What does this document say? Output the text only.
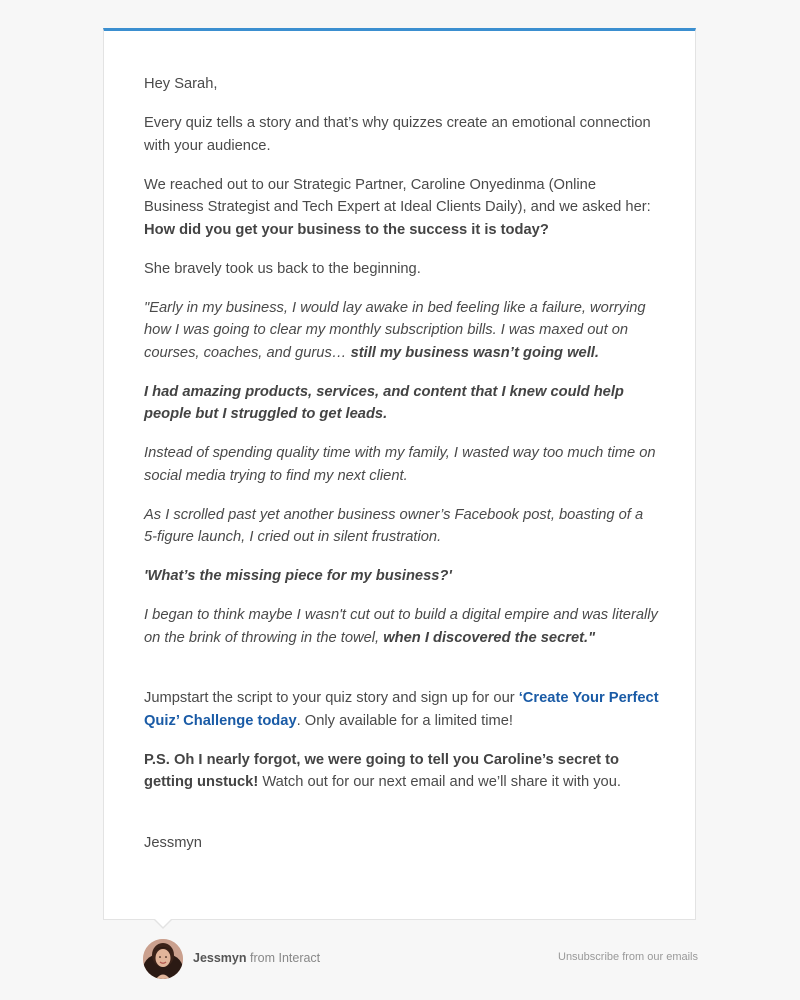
Hey Sarah,

Every quiz tells a story and that’s why quizzes create an emotional connection with your audience.

We reached out to our Strategic Partner, Caroline Onyedinma (Online Business Strategist and Tech Expert at Ideal Clients Daily), and we asked her: How did you get your business to the success it is today?

She bravely took us back to the beginning.

"Early in my business, I would lay awake in bed feeling like a failure, worrying how I was going to clear my monthly subscription bills. I was maxed out on courses, coaches, and gurus… still my business wasn’t going well.

I had amazing products, services, and content that I knew could help people but I struggled to get leads.

Instead of spending quality time with my family, I wasted way too much time on social media trying to find my next client.

As I scrolled past yet another business owner’s Facebook post, boasting of a 5-figure launch, I cried out in silent frustration.

'What’s the missing piece for my business?'

I began to think maybe I wasn't cut out to build a digital empire and was literally on the brink of throwing in the towel, when I discovered the secret."

Jumpstart the script to your quiz story and sign up for our ‘Create Your Perfect Quiz’ Challenge today. Only available for a limited time!

P.S. Oh I nearly forgot, we were going to tell you Caroline’s secret to getting unstuck! Watch out for our next email and we’ll share it with you.

Jessmyn

Jessmyn from Interact	Unsubscribe from our emails
